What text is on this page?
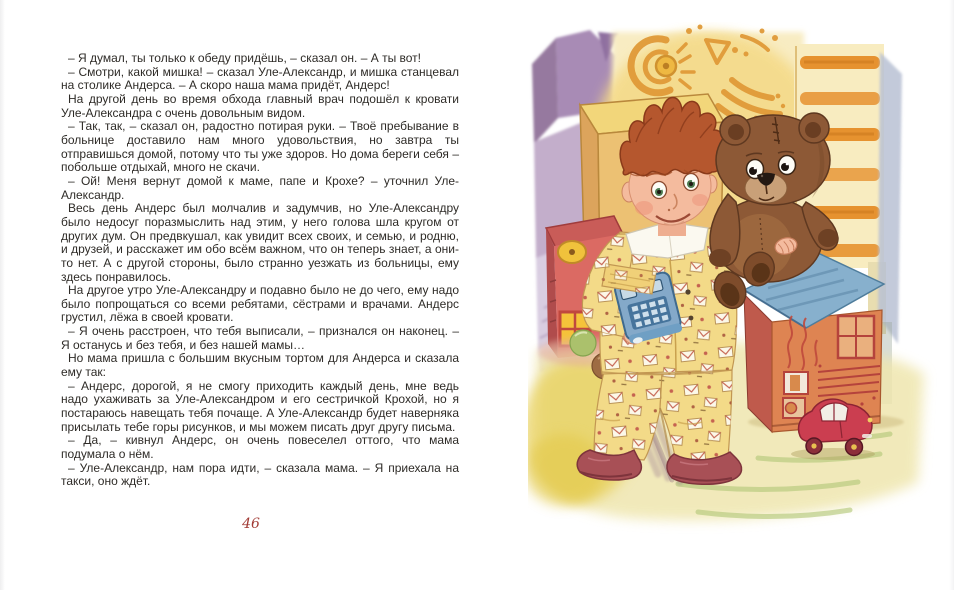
– Я думал, ты только к обеду придёшь, – сказал он. – А ты вот!

– Смотри, какой мишка! – сказал Уле-Александр, и мишка станцевал на столике Андерса. – А скоро наша мама придёт, Андерс!

На другой день во время обхода главный врач подошёл к кровати Уле-Александра с очень довольным видом.

– Так, так, – сказал он, радостно потирая руки. – Твоё пребывание в больнице доставило нам много удовольствия, но завтра ты отправишься домой, потому что ты уже здоров. Но дома береги себя – побольше отдыхай, много не скачи.

– Ой! Меня вернут домой к маме, папе и Крохе? – уточнил Уле-Александр.

Весь день Андерс был молчалив и задумчив, но Уле-Александру было недосуг поразмыслить над этим, у него голова шла кругом от других дум. Он предвкушал, как увидит всех своих, и семью, и родню, и друзей, и расскажет им обо всём важном, что он теперь знает, а они-то нет. А с другой стороны, было странно уезжать из больницы, ему здесь понравилось.

На другое утро Уле-Александру и подавно было не до чего, ему надо было попрощаться со всеми ребятами, сёстрами и врачами. Андерс грустил, лёжа в своей кровати.

– Я очень расстроен, что тебя выписали, – признался он наконец. – Я останусь и без тебя, и без нашей мамы…

Но мама пришла с большим вкусным тортом для Андерса и сказала ему так:

– Андерс, дорогой, я не смогу приходить каждый день, мне ведь надо ухаживать за Уле-Александром и его сестричкой Крохой, но я постараюсь навещать тебя почаще. А Уле-Александр будет наверняка присылать тебе горы рисунков, и мы можем писать друг другу письма.

– Да, – кивнул Андерс, он очень повеселел оттого, что мама подумала о нём.

– Уле-Александр, нам пора идти, – сказала мама. – Я приехала на такси, оно ждёт.

46
